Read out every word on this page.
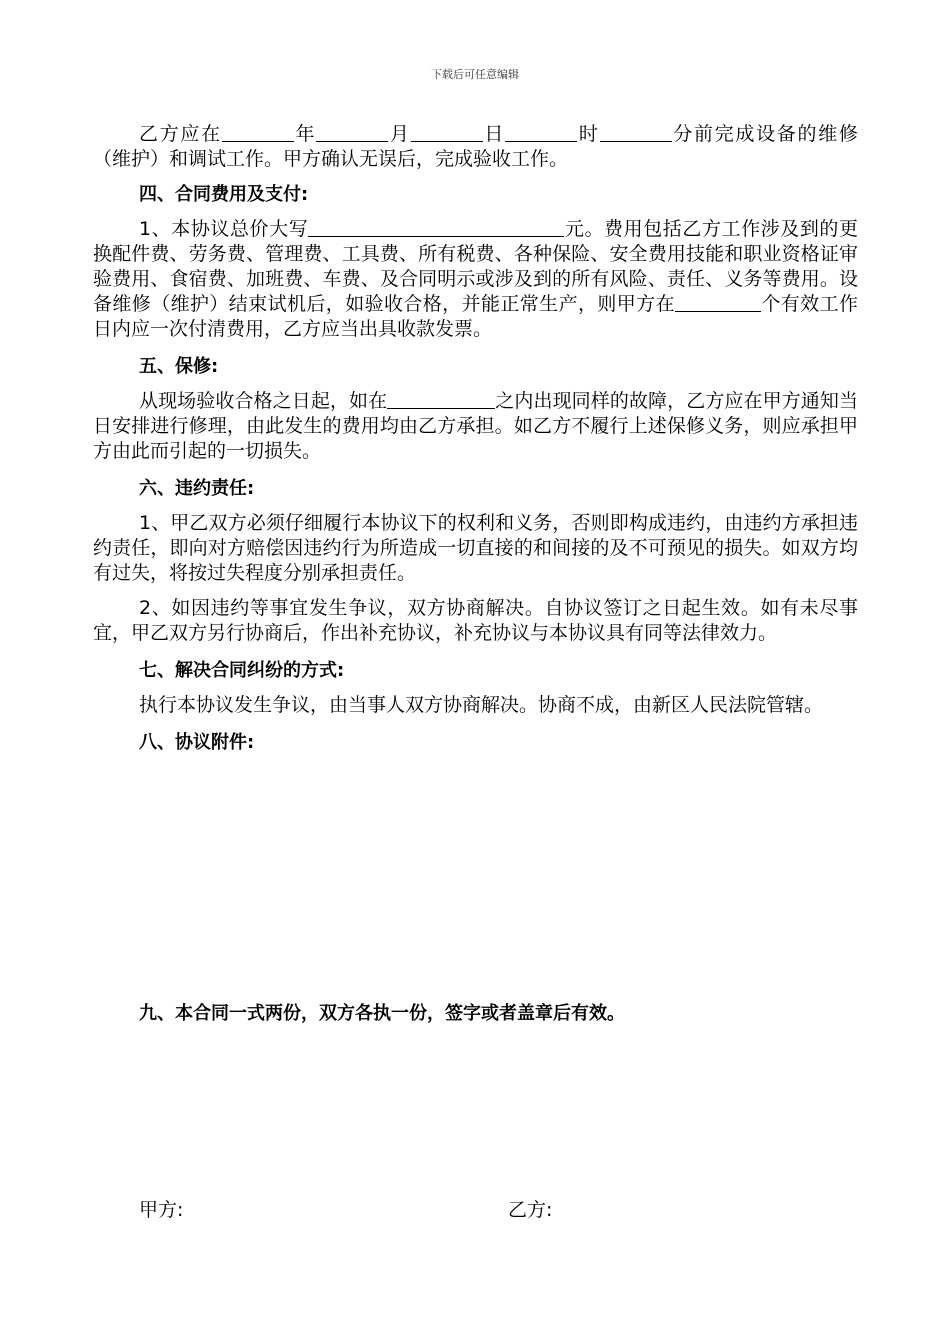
下载后可任意编辑

乙方应在	年	月	日	时	分前完成设备的维修（维护）和调试工作。甲方确认无误后，完成验收工作。

四、合同费用及支付:

1、本协议总价大写	元。费用包括乙方工作涉及到的更换配件费、劳务费、管理费、工具费、所有税费、各种保险、安全费用技能和职业资格证审验费用、食宿费、加班费、车费、及合同明示或涉及到的所有风险、责任、义务等费用。设备维修（维护）结束试机后，如验收合格，并能正常生产，则甲方在	个有效工作日内应一次付清费用，乙方应当出具收款发票。

五、保修:

从现场验收合格之日起，如在	之内出现同样的故障，乙方应在甲方通知当日安排进行修理，由此发生的费用均由乙方承担。如乙方不履行上述保修义务，则应承担甲方由此而引起的一切损失。

六、违约责任:

1、甲乙双方必须仔细履行本协议下的权利和义务，否则即构成违约，由违约方承担违约责任，即向对方赔偿因违约行为所造成一切直接的和间接的及不可预见的损失。如双方均有过失，将按过失程度分别承担责任。

2、如因违约等事宜发生争议，双方协商解决。自协议签订之日起生效。如有未尽事宜，甲乙双方另行协商后，作出补充协议，补充协议与本协议具有同等法律效力。

七、解决合同纠纷的方式:

执行本协议发生争议，由当事人双方协商解决。协商不成，由新区人民法院管辖。

八、协议附件:

九、本合同一式两份，双方各执一份，签字或者盖章后有效。

甲方:	乙方:
